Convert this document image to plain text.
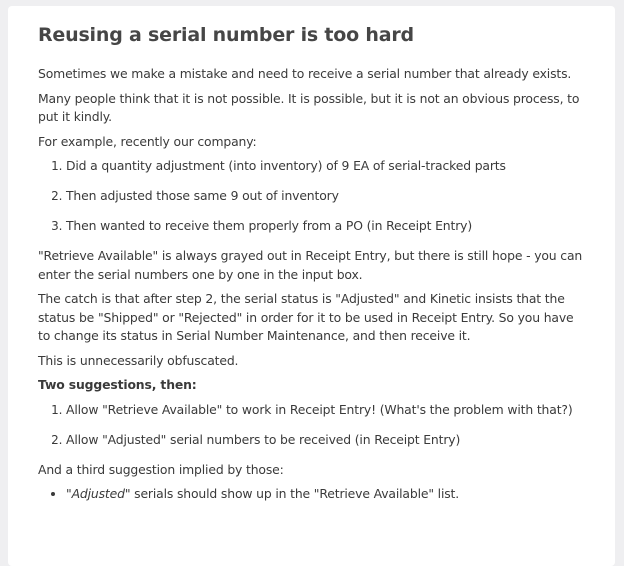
Reusing a serial number is too hard

Sometimes we make a mistake and need to receive a serial number that already exists.

Many people think that it is not possible. It is possible, but it is not an obvious process, to put it kindly.

For example, recently our company:

1. Did a quantity adjustment (into inventory) of 9 EA of serial-tracked parts
2. Then adjusted those same 9 out of inventory
3. Then wanted to receive them properly from a PO (in Receipt Entry)

"Retrieve Available" is always grayed out in Receipt Entry, but there is still hope - you can enter the serial numbers one by one in the input box.

The catch is that after step 2, the serial status is "Adjusted" and Kinetic insists that the status be "Shipped" or "Rejected" in order for it to be used in Receipt Entry. So you have to change its status in Serial Number Maintenance, and then receive it.

This is unnecessarily obfuscated.

Two suggestions, then:

1. Allow "Retrieve Available" to work in Receipt Entry! (What's the problem with that?)
2. Allow "Adjusted" serial numbers to be received (in Receipt Entry)

And a third suggestion implied by those:

• "Adjusted" serials should show up in the "Retrieve Available" list.
